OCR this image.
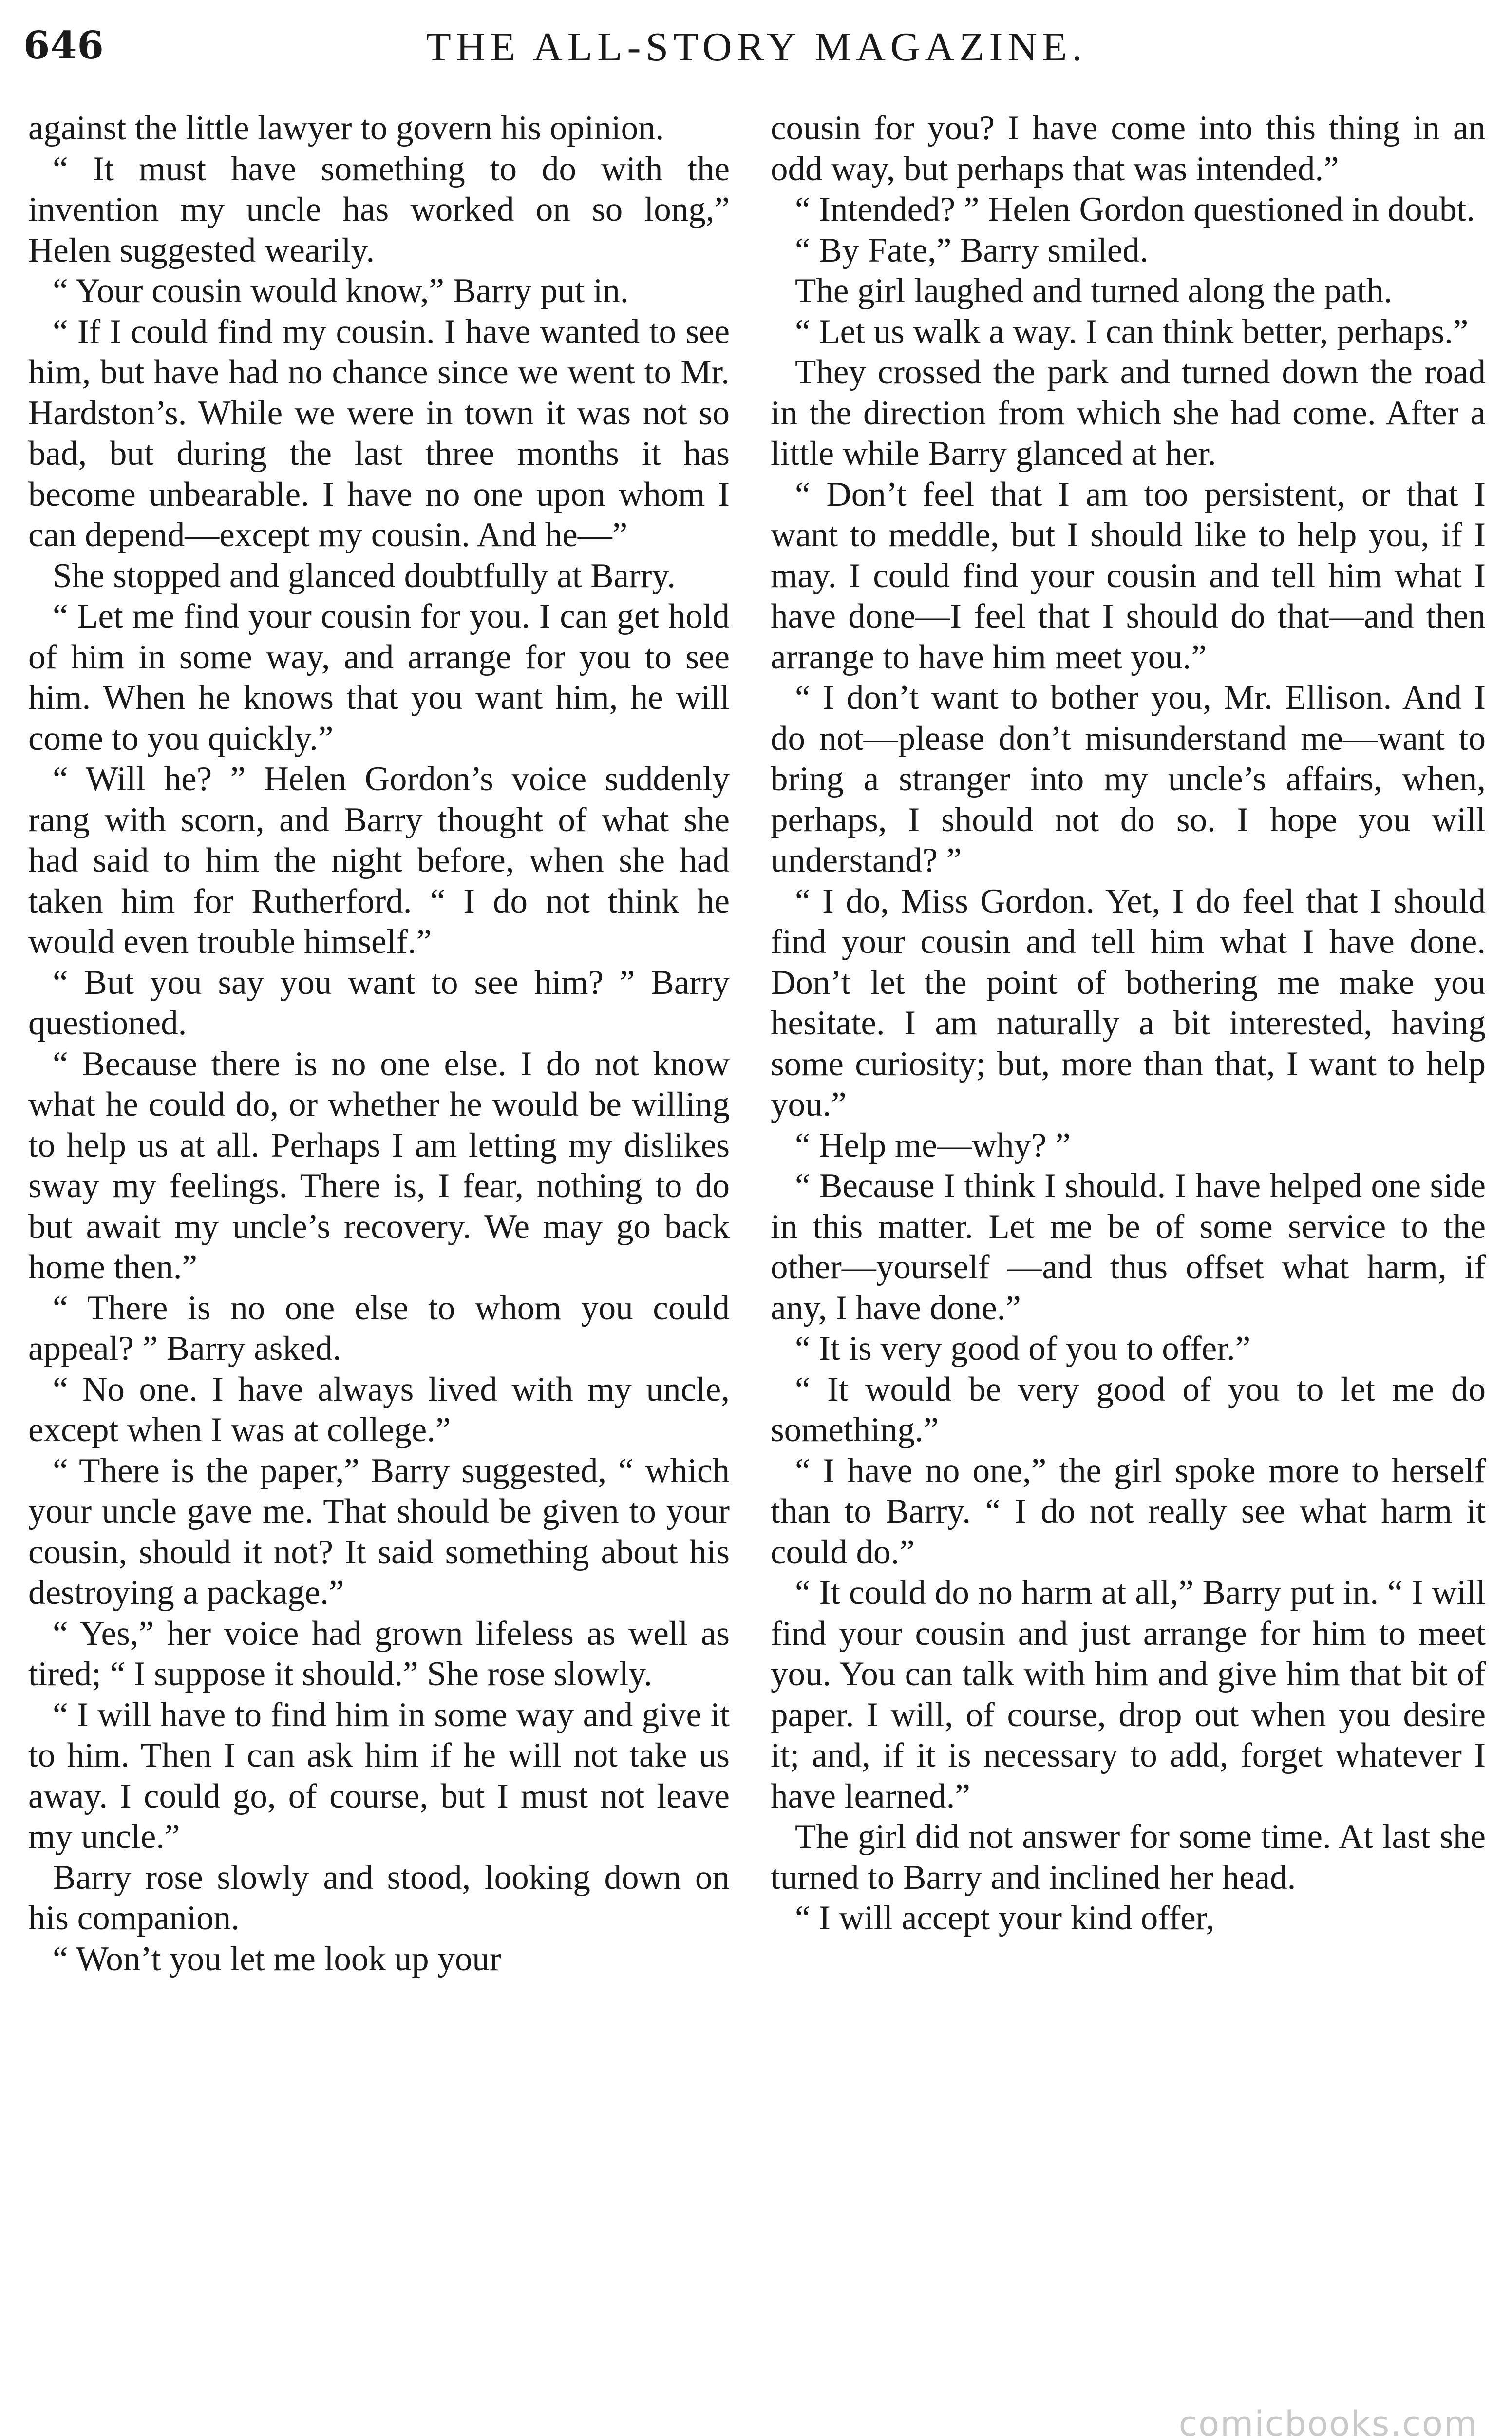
646	THE ALL-STORY MAGAZINE.

against the little lawyer to govern his opinion.

“ It must have something to do with the invention my uncle has worked on so long,” Helen suggested wearily.

“ Your cousin would know,” Barry put in.

“ If I could find my cousin. I have wanted to see him, but have had no chance since we went to Mr. Hardston’s. While we were in town it was not so bad, but during the last three months it has become unbearable. I have no one upon whom I can depend—except my cousin. And he—”

She stopped and glanced doubtfully at Barry.

“ Let me find your cousin for you. I can get hold of him in some way, and arrange for you to see him. When he knows that you want him, he will come to you quickly.”

“ Will he? ” Helen Gordon’s voice suddenly rang with scorn, and Barry thought of what she had said to him the night before, when she had taken him for Rutherford. “ I do not think he would even trouble himself.”

“ But you say you want to see him? ” Barry questioned.

“ Because there is no one else. I do not know what he could do, or whether he would be willing to help us at all. Perhaps I am letting my dislikes sway my feelings. There is, I fear, nothing to do but await my uncle’s recovery. We may go back home then.”

“ There is no one else to whom you could appeal? ” Barry asked.

“ No one. I have always lived with my uncle, except when I was at college.”

“ There is the paper,” Barry suggested, “ which your uncle gave me. That should be given to your cousin, should it not? It said something about his destroying a package.”

“ Yes,” her voice had grown lifeless as well as tired; “ I suppose it should.” She rose slowly.

“ I will have to find him in some way and give it to him. Then I can ask him if he will not take us away. I could go, of course, but I must not leave my uncle.”

Barry rose slowly and stood, looking down on his companion.

“ Won’t you let me look up your

cousin for you? I have come into this thing in an odd way, but perhaps that was intended.”

“ Intended? ” Helen Gordon questioned in doubt.

“ By Fate,” Barry smiled.

The girl laughed and turned along the path.

“ Let us walk a way. I can think better, perhaps.”

They crossed the park and turned down the road in the direction from which she had come. After a little while Barry glanced at her.

“ Don’t feel that I am too persistent, or that I want to meddle, but I should like to help you, if I may. I could find your cousin and tell him what I have done—I feel that I should do that—and then arrange to have him meet you.”

“ I don’t want to bother you, Mr. Ellison. And I do not—please don’t misunderstand me—want to bring a stranger into my uncle’s affairs, when, perhaps, I should not do so. I hope you will understand? ”

“ I do, Miss Gordon. Yet, I do feel that I should find your cousin and tell him what I have done. Don’t let the point of bothering me make you hesitate. I am naturally a bit interested, having some curiosity; but, more than that, I want to help you.”

“ Help me—why? ”

“ Because I think I should. I have helped one side in this matter. Let me be of some service to the other—yourself —and thus offset what harm, if any, I have done.”

“ It is very good of you to offer.”

“ It would be very good of you to let me do something.”

“ I have no one,” the girl spoke more to herself than to Barry. “ I do not really see what harm it could do.”

“ It could do no harm at all,” Barry put in. “ I will find your cousin and just arrange for him to meet you. You can talk with him and give him that bit of paper. I will, of course, drop out when you desire it; and, if it is necessary to add, forget whatever I have learned.”

The girl did not answer for some time. At last she turned to Barry and inclined her head.

“ I will accept your kind offer,

comicbooks.com
